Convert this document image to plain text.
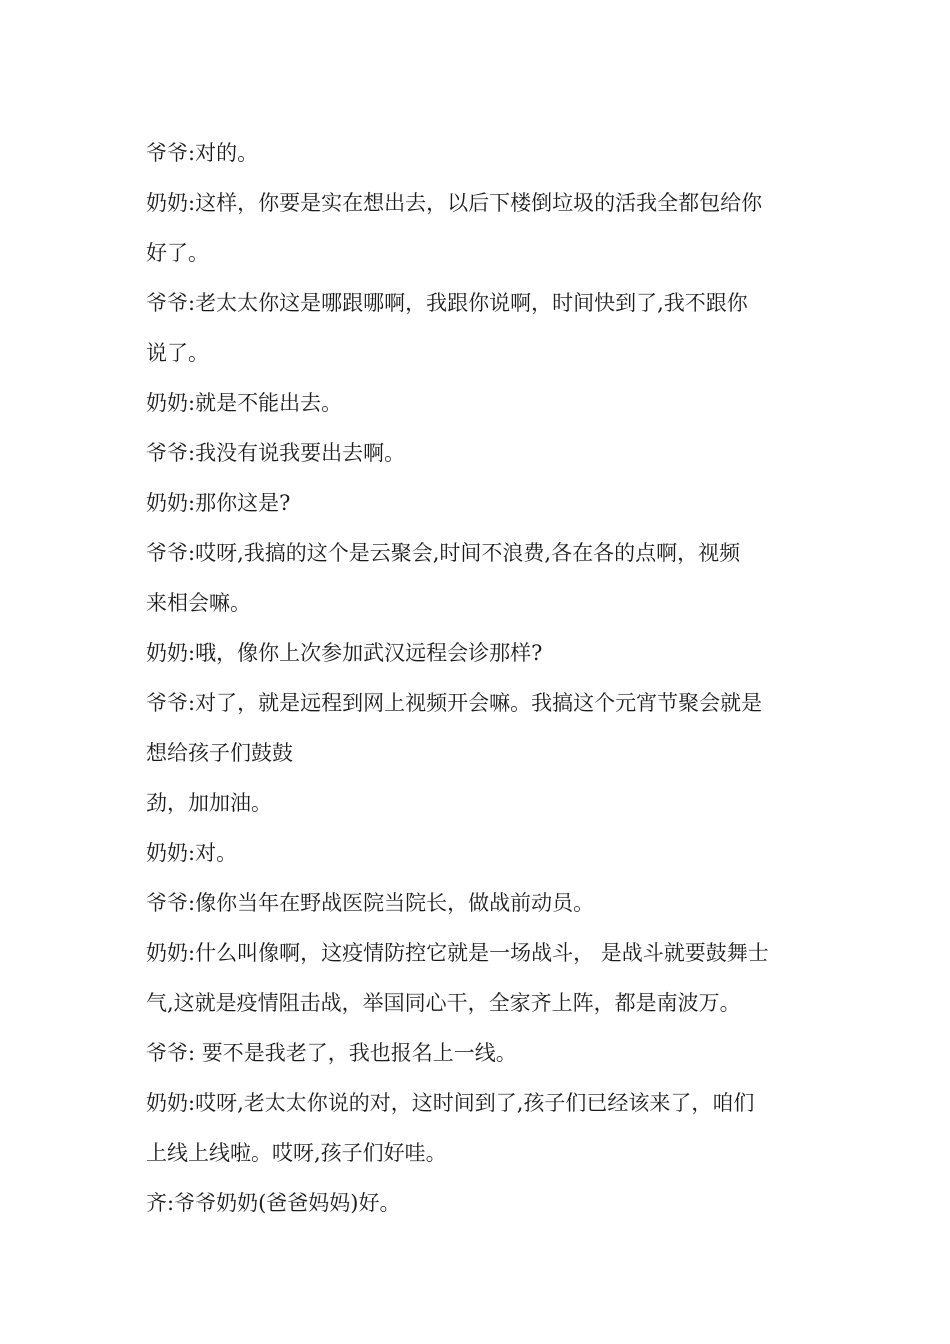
爷爷:对的。
奶奶:这样，你要是实在想出去，以后下楼倒垃圾的活我全都包给你
好了。
爷爷:老太太你这是哪跟哪啊，我跟你说啊，时间快到了,我不跟你
说了。
奶奶:就是不能出去。
爷爷:我没有说我要出去啊。
奶奶:那你这是?
爷爷:哎呀,我搞的这个是云聚会,时间不浪费,各在各的点啊，视频
来相会嘛。
奶奶:哦，像你上次参加武汉远程会诊那样?
爷爷:对了，就是远程到网上视频开会嘛。我搞这个元宵节聚会就是
想给孩子们鼓鼓
劲，加加油。
奶奶:对。
爷爷:像你当年在野战医院当院长，做战前动员。
奶奶:什么叫像啊，这疫情防控它就是一场战斗， 是战斗就要鼓舞士
气,这就是疫情阻击战，举国同心干，全家齐上阵，都是南波万。
爷爷: 要不是我老了，我也报名上一线。
奶奶:哎呀,老太太你说的对，这时间到了,孩子们已经该来了，咱们
上线上线啦。哎呀,孩子们好哇。
齐:爷爷奶奶(爸爸妈妈)好。
